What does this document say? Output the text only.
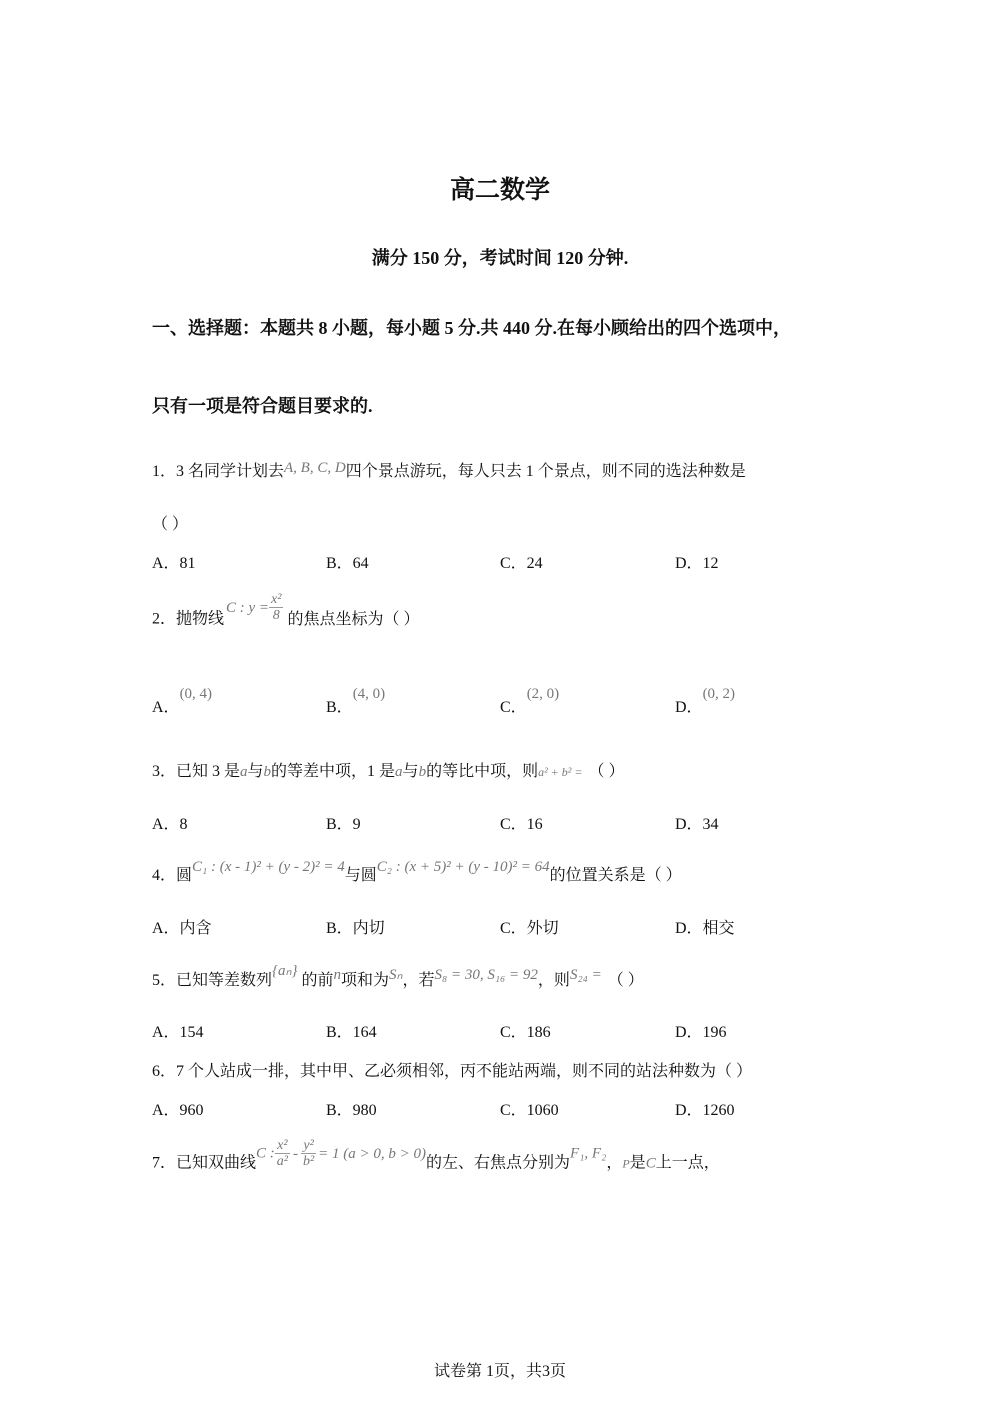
高二数学
满分 150 分，考试时间 120 分钟.
一、选择题：本题共 8 小题，每小题 5 分.共 440 分.在每小顾给出的四个选项中，
只有一项是符合题目要求的.
1．3 名同学计划去A, B, C, D四个景点游玩，每人只去 1 个景点，则不同的选法种数是
（ ）
A．81	B．64	C．24	D．12
2．抛物线C : $y = \frac{\text{x²}}{8}$ 的焦点坐标为（ ）
A．(0, 4)
B．(4, 0)
C．(2, 0)
D．(0, 2)
3．已知 3 是a与b的等差中项，1 是a与b的等比中项，则a² + b² = （ ）
A．8	B．9	C．16	D．34
4．圆C₁ : (x - 1)² + (y - 2)² = 4与圆C₂ : (x + 5)² + (y - 10)² = 64的位置关系是（ ）
A．内含	B．内切	C．外切	D．相交
5．已知等差数列{aₙ}的前n项和为Sₙ，若S₈ = 30, S₁₆ = 92，则S₂₄ = （ ）
A．154	B．164	C．186	D．196
6．7 个人站成一排，其中甲、乙必须相邻，丙不能站两端，则不同的站法种数为（ ）
A．960	B．980	C．1060	D．1260
7．已知双曲线C : $\frac{\text{x²}}{\text{a²}} - \frac{\text{y²}}{\text{b²}} = 1$ (a > 0, b > 0)的左、右焦点分别为F₁, F₂，$_P$是C上一点，
试卷第 1页，共3页
